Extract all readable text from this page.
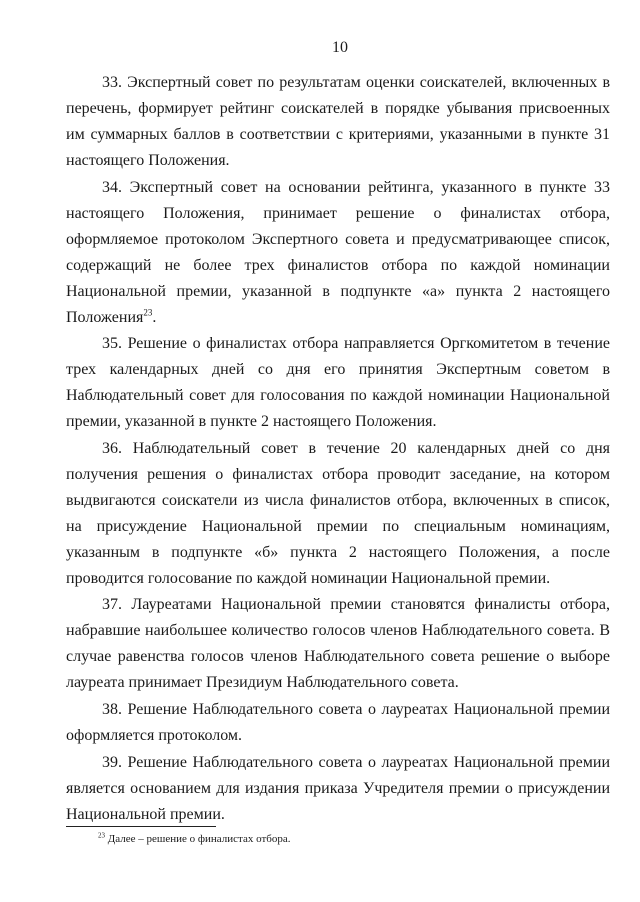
10

33. Экспертный совет по результатам оценки соискателей, включенных в перечень, формирует рейтинг соискателей в порядке убывания присвоенных им суммарных баллов в соответствии с критериями, указанными в пункте 31 настоящего Положения.

34. Экспертный совет на основании рейтинга, указанного в пункте 33 настоящего Положения, принимает решение о финалистах отбора, оформляемое протоколом Экспертного совета и предусматривающее список, содержащий не более трех финалистов отбора по каждой номинации Национальной премии, указанной в подпункте «а» пункта 2 настоящего Положения$^{23}$.

35. Решение о финалистах отбора направляется Оргкомитетом в течение трех календарных дней со дня его принятия Экспертным советом в Наблюдательный совет для голосования по каждой номинации Национальной премии, указанной в пункте 2 настоящего Положения.

36. Наблюдательный совет в течение 20 календарных дней со дня получения решения о финалистах отбора проводит заседание, на котором выдвигаются соискатели из числа финалистов отбора, включенных в список, на присуждение Национальной премии по специальным номинациям, указанным в подпункте «б» пункта 2 настоящего Положения, а после проводится голосование по каждой номинации Национальной премии.

37. Лауреатами Национальной премии становятся финалисты отбора, набравшие наибольшее количество голосов членов Наблюдательного совета. В случае равенства голосов членов Наблюдательного совета решение о выборе лауреата принимает Президиум Наблюдательного совета.

38. Решение Наблюдательного совета о лауреатах Национальной премии оформляется протоколом.

39. Решение Наблюдательного совета о лауреатах Национальной премии является основанием для издания приказа Учредителя премии о присуждении Национальной премии.

$^{23}$ Далее – решение о финалистах отбора.
